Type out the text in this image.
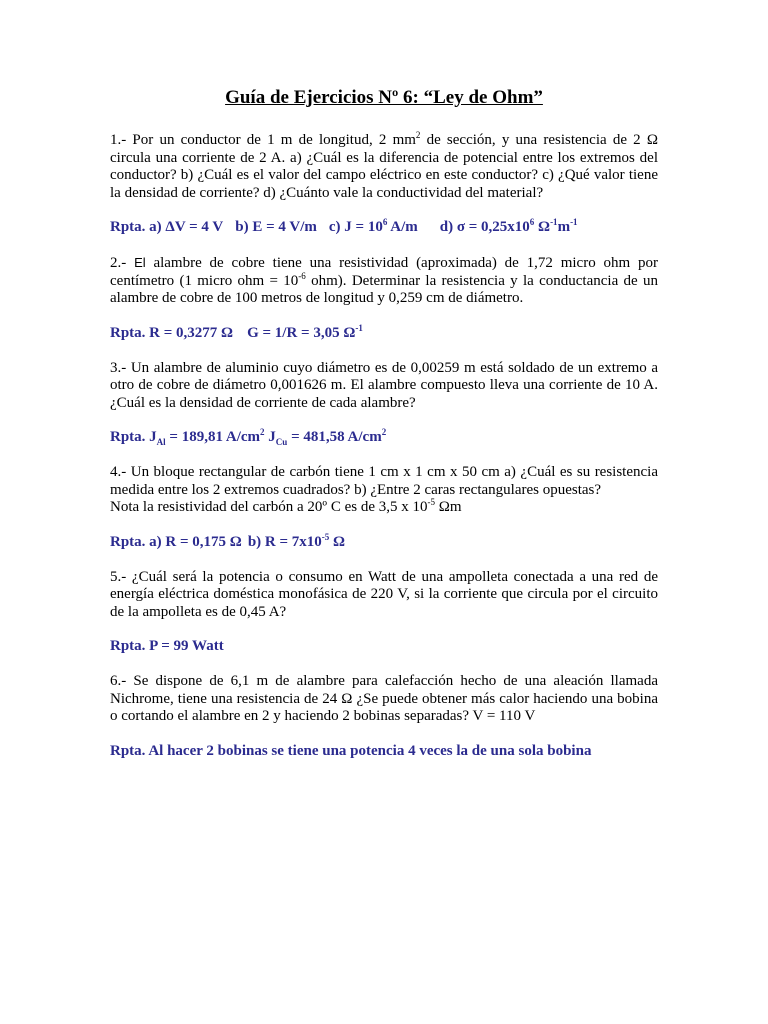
Guía de Ejercicios Nº 6: “Ley de Ohm”

1.- Por un conductor de 1 m de longitud, 2 $mm^2$ de sección, y una resistencia de 2 Ω circula una corriente de 2 A. a) ¿Cuál es la diferencia de potencial entre los extremos del conductor? b) ¿Cuál es el valor del campo eléctrico en este conductor? c) ¿Qué valor tiene la densidad de corriente? d) ¿Cuánto vale la conductividad del material?

Rpta. a) ΔV = 4 V b) E = 4 V/m c) $J = 10^6$ A/m d) $\sigma = 0,25x10^6$ $\Omega^{-1}m^{-1}$

2.- El alambre de cobre tiene una resistividad (aproximada) de 1,72 micro ohm por centímetro (1 micro ohm = $10^{-6}$ ohm). Determinar la resistencia y la conductancia de un alambre de cobre de 100 metros de longitud y 0,259 cm de diámetro.

Rpta. R = 0,3277 Ω G = 1/R = 3,05 $\Omega^{-1}$

3.- Un alambre de aluminio cuyo diámetro es de 0,00259 m está soldado de un extremo a otro de cobre de diámetro 0,001626 m. El alambre compuesto lleva una corriente de 10 A. ¿Cuál es la densidad de corriente de cada alambre?

Rpta. $J_{Al} = 189,81$ $A/cm^2$ $J_{Cu} = 481,58$ $A/cm^2$

4.- Un bloque rectangular de carbón tiene 1 cm x 1 cm x 50 cm a) ¿Cuál es su resistencia medida entre los 2 extremos cuadrados? b) ¿Entre 2 caras rectangulares opuestas?

Nota la resistividad del carbón a 20º C es de 3,5 x $10^{-5}$ Ωm

Rpta. a) R = 0,175 Ω b) $R = 7x10^{-5}$ Ω

5.- ¿Cuál será la potencia o consumo en Watt de una ampolleta conectada a una red de energía eléctrica doméstica monofásica de 220 V, si la corriente que circula por el circuito de la ampolleta es de 0,45 A?

Rpta. P = 99 Watt

6.- Se dispone de 6,1 m de alambre para calefacción hecho de una aleación llamada Nichrome, tiene una resistencia de 24 Ω ¿Se puede obtener más calor haciendo una bobina o cortando el alambre en 2 y haciendo 2 bobinas separadas? V = 110 V

Rpta. Al hacer 2 bobinas se tiene una potencia 4 veces la de una sola bobina
